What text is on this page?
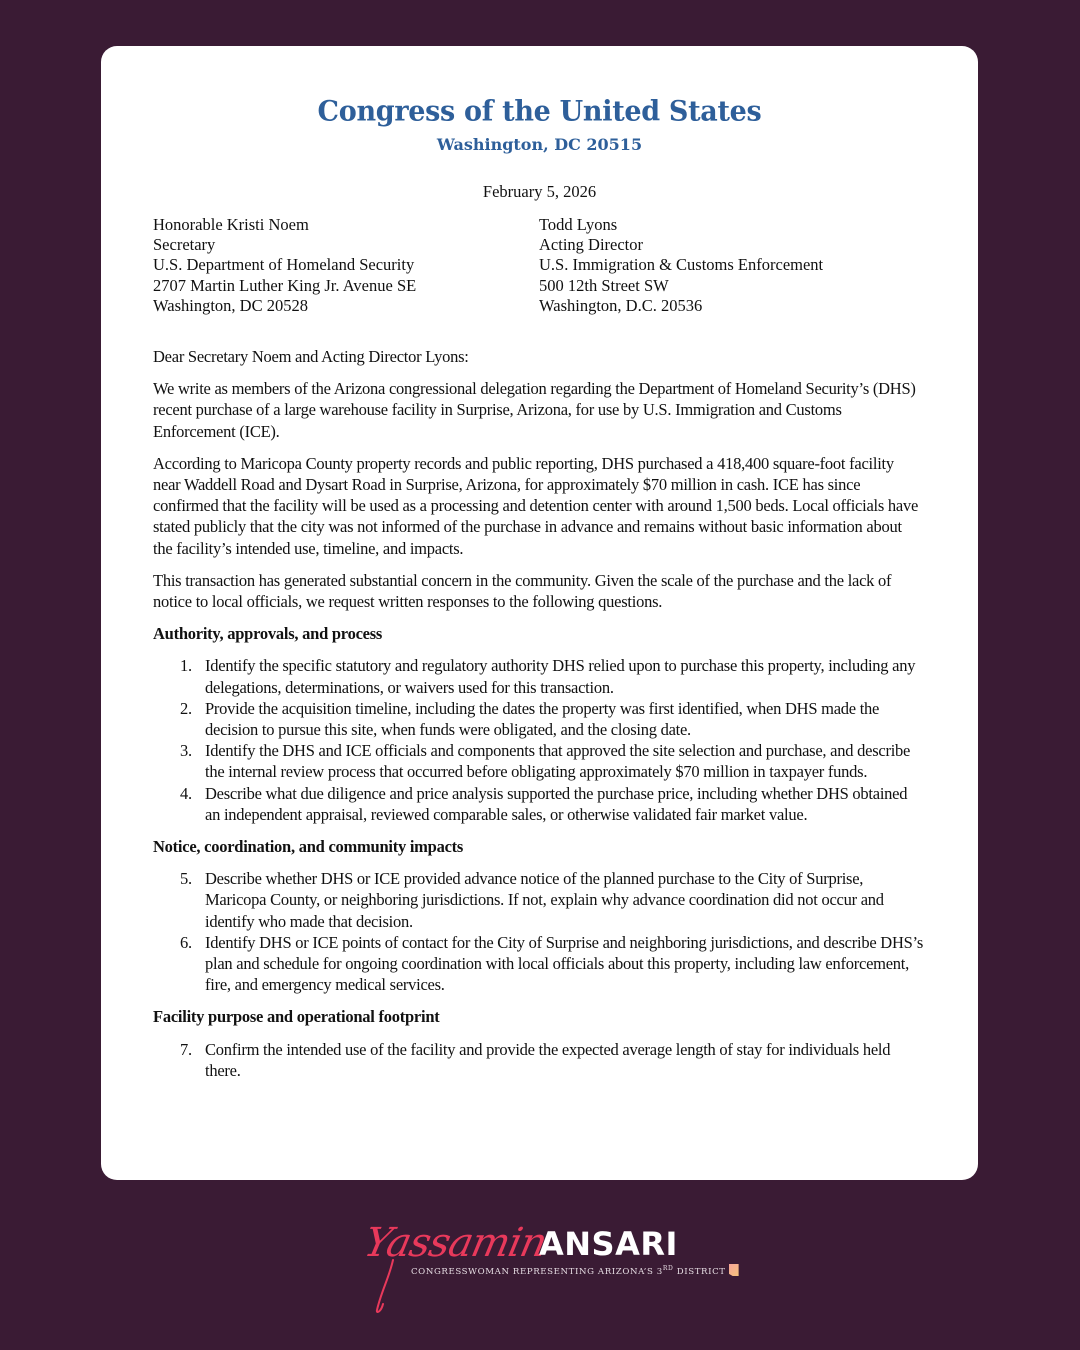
Congress of the United States
Washington, DC 20515
February 5, 2026
Honorable Kristi Noem
Secretary
U.S. Department of Homeland Security
2707 Martin Luther King Jr. Avenue SE
Washington, DC 20528
Todd Lyons
Acting Director
U.S. Immigration & Customs Enforcement
500 12th Street SW
Washington, D.C. 20536
Dear Secretary Noem and Acting Director Lyons:

We write as members of the Arizona congressional delegation regarding the Department of Homeland Security’s (DHS) recent purchase of a large warehouse facility in Surprise, Arizona, for use by U.S. Immigration and Customs Enforcement (ICE).

According to Maricopa County property records and public reporting, DHS purchased a 418,400 square-foot facility near Waddell Road and Dysart Road in Surprise, Arizona, for approximately $70 million in cash. ICE has since confirmed that the facility will be used as a processing and detention center with around 1,500 beds. Local officials have stated publicly that the city was not informed of the purchase in advance and remains without basic information about the facility’s intended use, timeline, and impacts.

This transaction has generated substantial concern in the community. Given the scale of the purchase and the lack of notice to local officials, we request written responses to the following questions.

Authority, approvals, and process
1. Identify the specific statutory and regulatory authority DHS relied upon to purchase this property, including any delegations, determinations, or waivers used for this transaction.
2. Provide the acquisition timeline, including the dates the property was first identified, when DHS made the decision to pursue this site, when funds were obligated, and the closing date.
3. Identify the DHS and ICE officials and components that approved the site selection and purchase, and describe the internal review process that occurred before obligating approximately $70 million in taxpayer funds.
4. Describe what due diligence and price analysis supported the purchase price, including whether DHS obtained an independent appraisal, reviewed comparable sales, or otherwise validated fair market value.
Notice, coordination, and community impacts
5. Describe whether DHS or ICE provided advance notice of the planned purchase to the City of Surprise, Maricopa County, or neighboring jurisdictions. If not, explain why advance coordination did not occur and identify who made that decision.
6. Identify DHS or ICE points of contact for the City of Surprise and neighboring jurisdictions, and describe DHS’s plan and schedule for ongoing coordination with local officials about this property, including law enforcement, fire, and emergency medical services.
Facility purpose and operational footprint
7. Confirm the intended use of the facility and provide the expected average length of stay for individuals held there.
Yassamin
ANSARI
CONGRESSWOMAN REPRESENTING ARIZONA’S 3RD DISTRICT
